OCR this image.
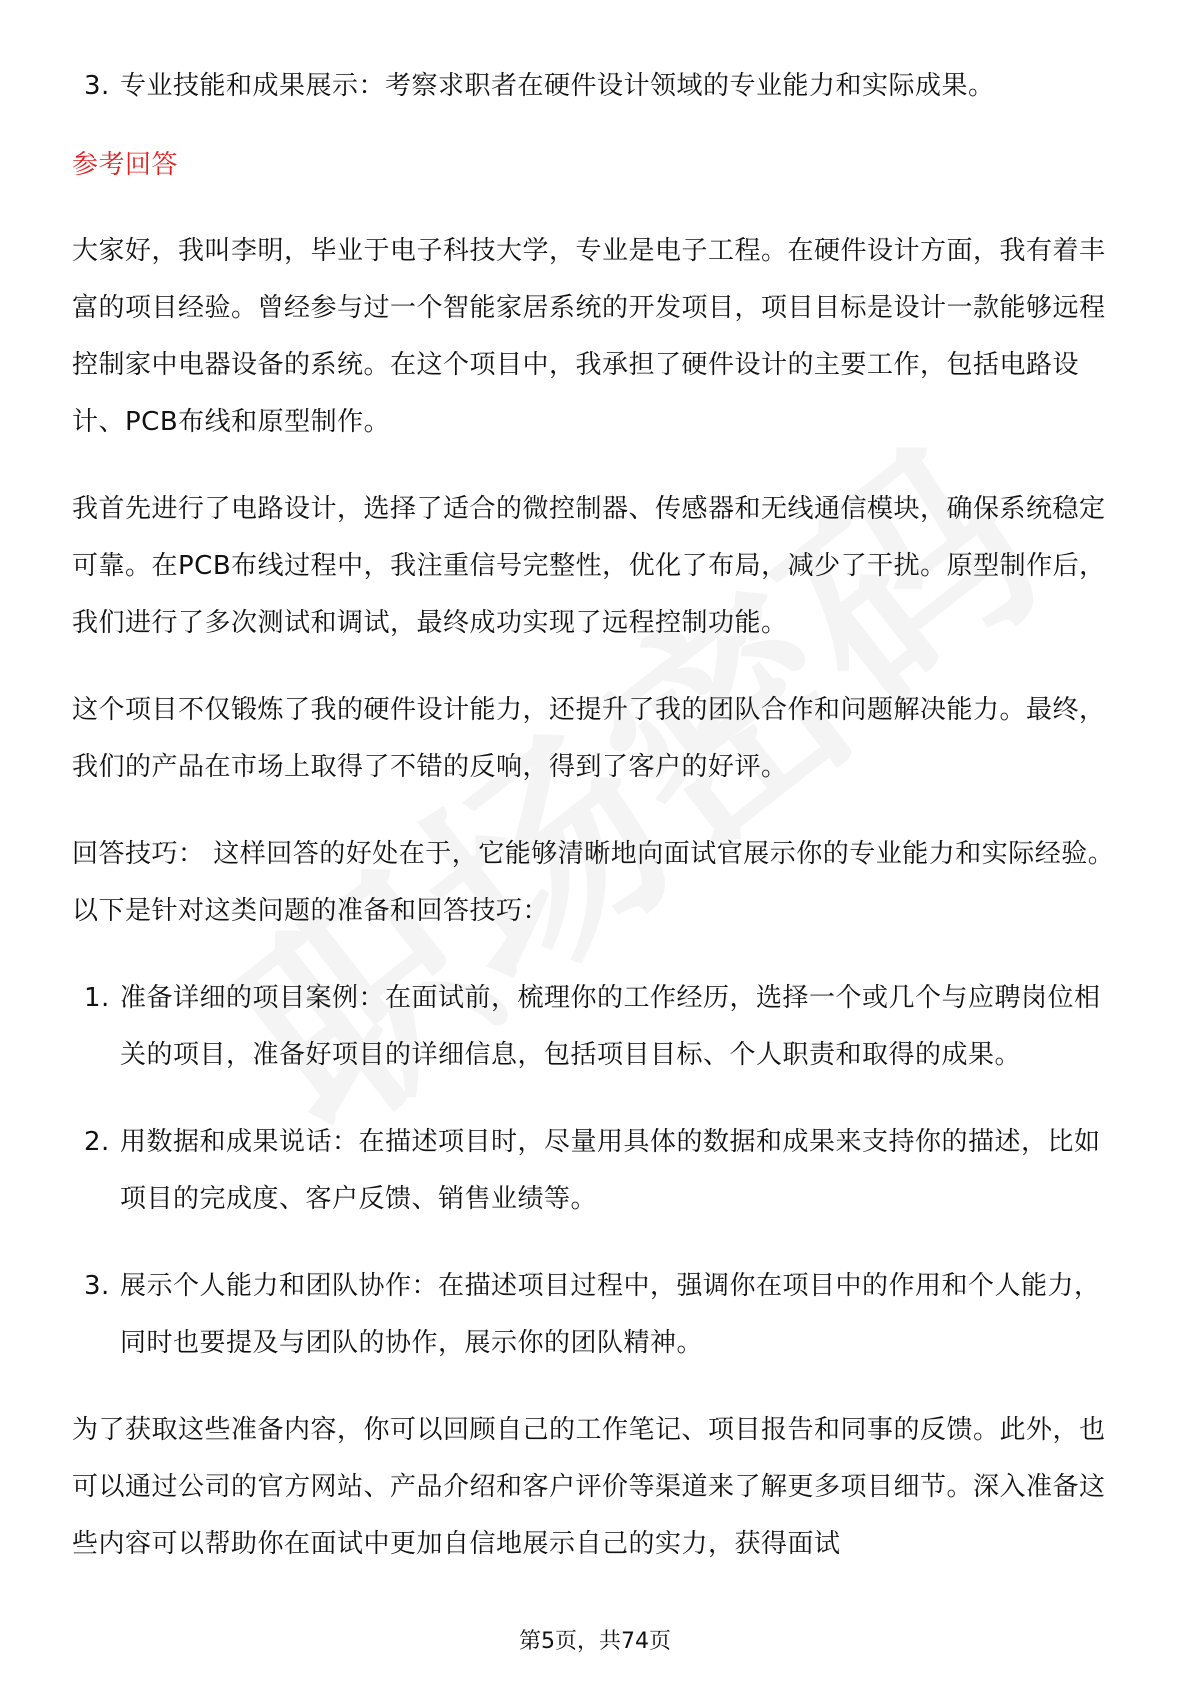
3. 专业技能和成果展示：考察求职者在硬件设计领域的专业能力和实际成果。
参考回答

大家好，我叫李明，毕业于电子科技大学，专业是电子工程。在硬件设计方面，我有着丰富的项目经验。曾经参与过一个智能家居系统的开发项目，项目目标是设计一款能够远程控制家中电器设备的系统。在这个项目中，我承担了硬件设计的主要工作，包括电路设计、PCB布线和原型制作。

我首先进行了电路设计，选择了适合的微控制器、传感器和无线通信模块，确保系统稳定可靠。在PCB布线过程中，我注重信号完整性，优化了布局，减少了干扰。原型制作后，我们进行了多次测试和调试，最终成功实现了远程控制功能。

这个项目不仅锻炼了我的硬件设计能力，还提升了我的团队合作和问题解决能力。最终，我们的产品在市场上取得了不错的反响，得到了客户的好评。

回答技巧： 这样回答的好处在于，它能够清晰地向面试官展示你的专业能力和实际经验。以下是针对这类问题的准备和回答技巧：

1. 准备详细的项目案例：在面试前，梳理你的工作经历，选择一个或几个与应聘岗位相关的项目，准备好项目的详细信息，包括项目目标、个人职责和取得的成果。
2. 用数据和成果说话：在描述项目时，尽量用具体的数据和成果来支持你的描述，比如项目的完成度、客户反馈、销售业绩等。
3. 展示个人能力和团队协作：在描述项目过程中，强调你在项目中的作用和个人能力，同时也要提及与团队的协作，展示你的团队精神。

为了获取这些准备内容，你可以回顾自己的工作笔记、项目报告和同事的反馈。此外，也可以通过公司的官方网站、产品介绍和客户评价等渠道来了解更多项目细节。深入准备这些内容可以帮助你在面试中更加自信地展示自己的实力，获得面试

第5页，共74页
